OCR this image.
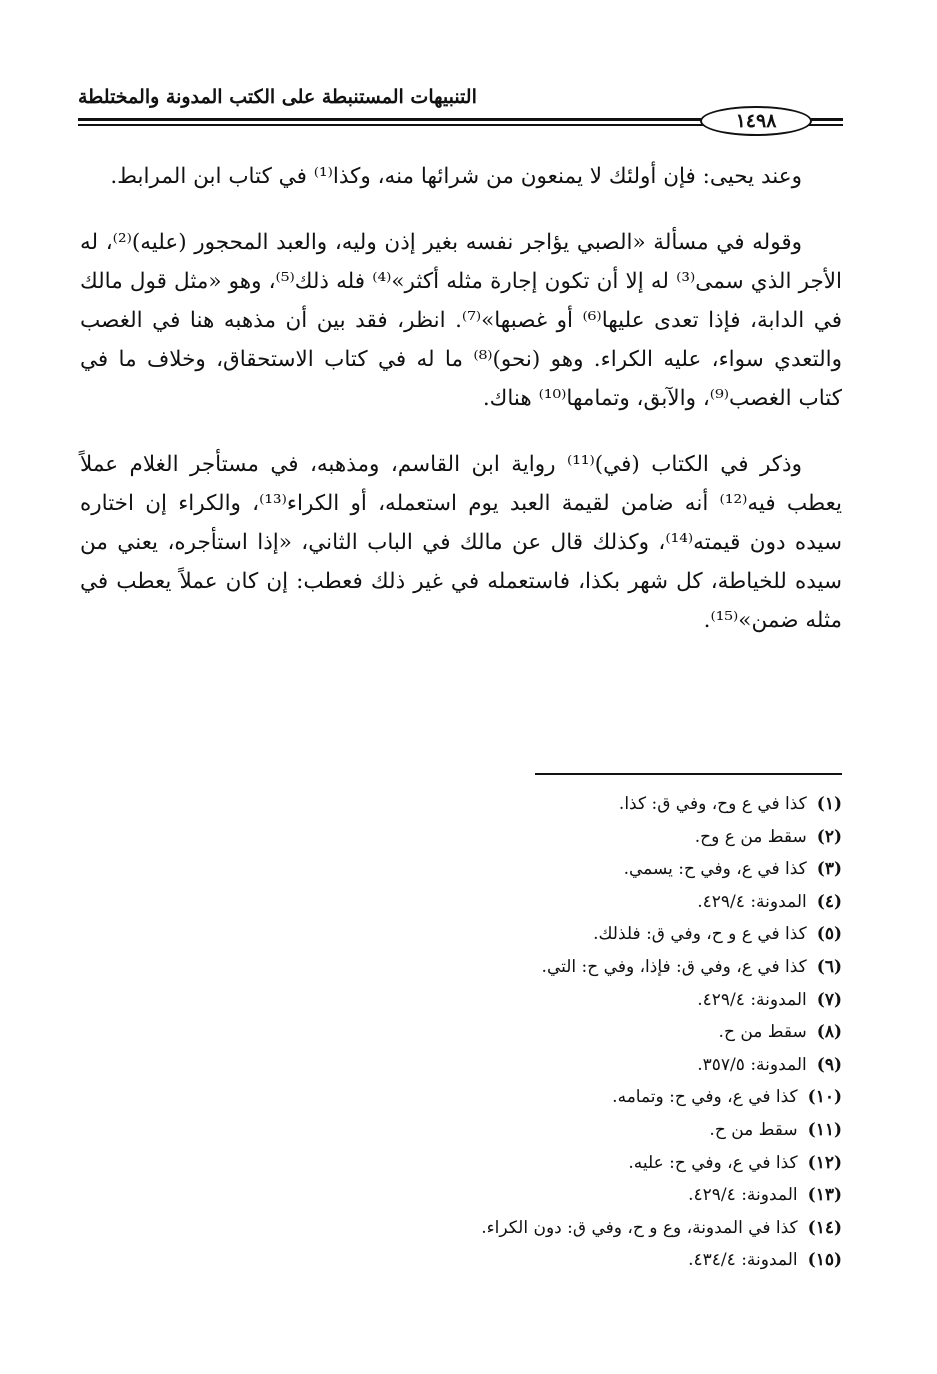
التنبيهات المستنبطة على الكتب المدونة والمختلطة
١٤٩٨

وعند يحيى: فإن أولئك لا يمنعون من شرائها منه، وكذا⁽¹⁾ في كتاب ابن المرابط.

وقوله في مسألة «الصبي يؤاجر نفسه بغير إذن وليه، والعبد المحجور (عليه)⁽²⁾، له الأجر الذي سمى⁽³⁾ له إلا أن تكون إجارة مثله أكثر»⁽⁴⁾ فله ذلك⁽⁵⁾، وهو «مثل قول مالك في الدابة، فإذا تعدى عليها⁽⁶⁾ أو غصبها»⁽⁷⁾. انظر، فقد بين أن مذهبه هنا في الغصب والتعدي سواء، عليه الكراء. وهو (نحو)⁽⁸⁾ ما له في كتاب الاستحقاق، وخلاف ما في كتاب الغصب⁽⁹⁾، والآبق، وتمامها⁽¹⁰⁾ هناك.

وذكر في الكتاب (في)⁽¹¹⁾ رواية ابن القاسم، ومذهبه، في مستأجر الغلام عملاً يعطب فيه⁽¹²⁾ أنه ضامن لقيمة العبد يوم استعمله، أو الكراء⁽¹³⁾، والكراء إن اختاره سيده دون قيمته⁽¹⁴⁾، وكذلك قال عن مالك في الباب الثاني، «إذا استأجره، يعني من سيده للخياطة، كل شهر بكذا، فاستعمله في غير ذلك فعطب: إن كان عملاً يعطب في مثله ضمن»⁽¹⁵⁾.

(١)كذا في ع وح، وفي ق: كذا.
(٢)سقط من ع وح.
(٣)كذا في ع، وفي ح: يسمي.
(٤)المدونة: ٤٢٩/٤.
(٥)كذا في ع و ح، وفي ق: فلذلك.
(٦)كذا في ع، وفي ق: فإذا، وفي ح: التي.
(٧)المدونة: ٤٢٩/٤.
(٨)سقط من ح.
(٩)المدونة: ٣٥٧/٥.
(١٠)كذا في ع، وفي ح: وتمامه.
(١١)سقط من ح.
(١٢)كذا في ع، وفي ح: عليه.
(١٣)المدونة: ٤٢٩/٤.
(١٤)كذا في المدونة، وع و ح، وفي ق: دون الكراء.
(١٥)المدونة: ٤٣٤/٤.
